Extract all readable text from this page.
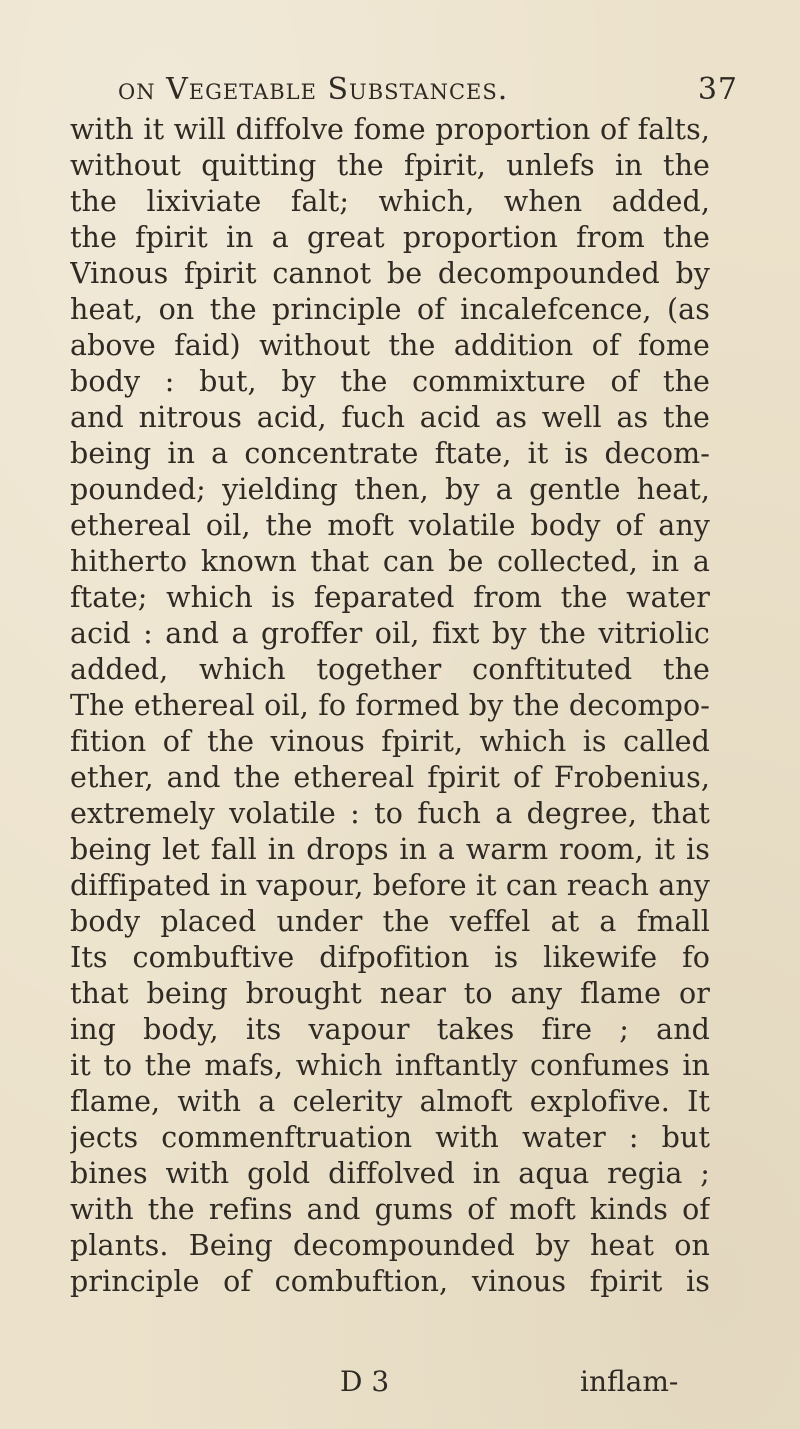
on Vegetable Substances.	37
with it will diffolve fome proportion of falts,
without quitting the fpirit, unlefs in the
the lixiviate falt; which, when added,
the fpirit in a great proportion from the
Vinous fpirit cannot be decompounded by
heat, on the principle of incalefcence, (as
above faid) without the addition of fome
body : but, by the commixture of the
and nitrous acid, fuch acid as well as the
being in a concentrate ftate, it is decom-
pounded; yielding then, by a gentle heat,
ethereal oil, the moft volatile body of any
hitherto known that can be collected, in a
ftate; which is feparated from the water
acid : and a groffer oil, fixt by the vitriolic
added, which together conftituted the
The ethereal oil, fo formed by the decompo-
fition of the vinous fpirit, which is called
ether, and the ethereal fpirit of Frobenius,
extremely volatile : to fuch a degree, that
being let fall in drops in a warm room, it is
diffipated in vapour, before it can reach any
body placed under the veffel at a fmall
Its combuftive difpofition is likewife fo
that being brought near to any flame or
ing body, its vapour takes fire ; and
it to the mafs, which inftantly confumes in
flame, with a celerity almoft explofive. It
jects commenftruation with water : but
bines with gold diffolved in aqua regia ;
with the refins and gums of moft kinds of
plants. Being decompounded by heat on
principle of combuftion, vinous fpirit is
D 3	inflam-
